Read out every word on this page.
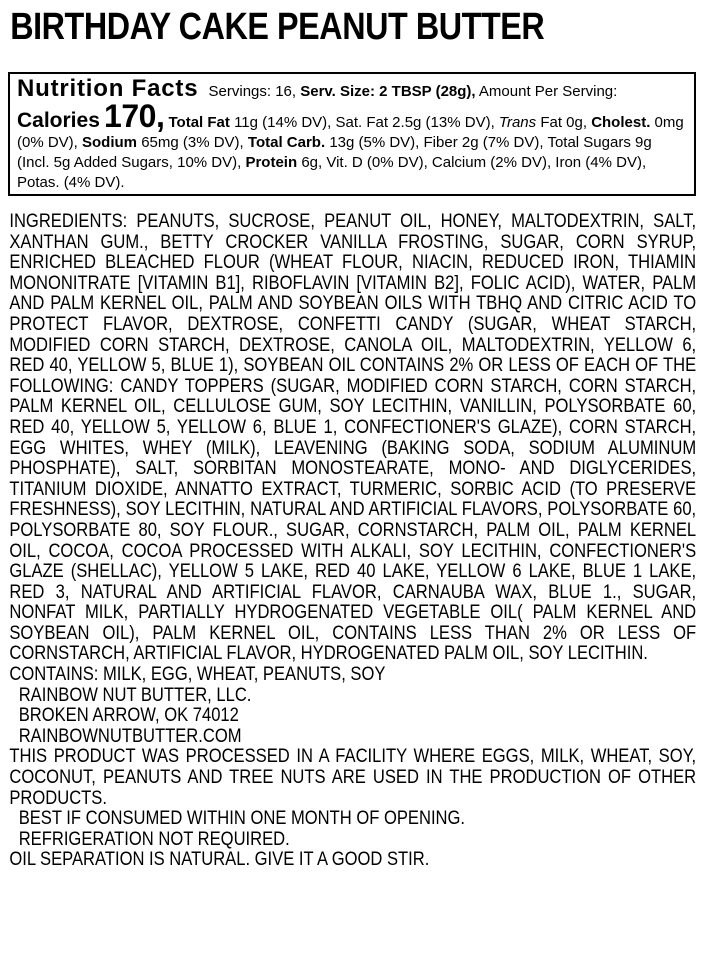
BIRTHDAY CAKE PEANUT BUTTER
Nutrition Facts Servings: 16, Serv. Size: 2 TBSP (28g), Amount Per Serving: Calories 170, Total Fat 11g (14% DV), Sat. Fat 2.5g (13% DV), Trans Fat 0g, Cholest. 0mg (0% DV), Sodium 65mg (3% DV), Total Carb. 13g (5% DV), Fiber 2g (7% DV), Total Sugars 9g (Incl. 5g Added Sugars, 10% DV), Protein 6g, Vit. D (0% DV), Calcium (2% DV), Iron (4% DV), Potas. (4% DV).

INGREDIENTS: PEANUTS, SUCROSE, PEANUT OIL, HONEY, MALTODEXTRIN, SALT, XANTHAN GUM., BETTY CROCKER VANILLA FROSTING, SUGAR, CORN SYRUP, ENRICHED BLEACHED FLOUR (WHEAT FLOUR, NIACIN, REDUCED IRON, THIAMIN MONONITRATE [VITAMIN B1], RIBOFLAVIN [VITAMIN B2], FOLIC ACID), WATER, PALM AND PALM KERNEL OIL, PALM AND SOYBEAN OILS WITH TBHQ AND CITRIC ACID TO PROTECT FLAVOR, DEXTROSE, CONFETTI CANDY (SUGAR, WHEAT STARCH, MODIFIED CORN STARCH, DEXTROSE, CANOLA OIL, MALTODEXTRIN, YELLOW 6, RED 40, YELLOW 5, BLUE 1), SOYBEAN OIL CONTAINS 2% OR LESS OF EACH OF THE FOLLOWING: CANDY TOPPERS (SUGAR, MODIFIED CORN STARCH, CORN STARCH, PALM KERNEL OIL, CELLULOSE GUM, SOY LECITHIN, VANILLIN, POLYSORBATE 60, RED 40, YELLOW 5, YELLOW 6, BLUE 1, CONFECTIONER'S GLAZE), CORN STARCH, EGG WHITES, WHEY (MILK), LEAVENING (BAKING SODA, SODIUM ALUMINUM PHOSPHATE), SALT, SORBITAN MONOSTEARATE, MONO- AND DIGLYCERIDES, TITANIUM DIOXIDE, ANNATTO EXTRACT, TURMERIC, SORBIC ACID (TO PRESERVE FRESHNESS), SOY LECITHIN, NATURAL AND ARTIFICIAL FLAVORS, POLYSORBATE 60, POLYSORBATE 80, SOY FLOUR., SUGAR, CORNSTARCH, PALM OIL, PALM KERNEL OIL, COCOA, COCOA PROCESSED WITH ALKALI, SOY LECITHIN, CONFECTIONER'S GLAZE (SHELLAC), YELLOW 5 LAKE, RED 40 LAKE, YELLOW 6 LAKE, BLUE 1 LAKE, RED 3, NATURAL AND ARTIFICIAL FLAVOR, CARNAUBA WAX, BLUE 1., SUGAR, NONFAT MILK, PARTIALLY HYDROGENATED VEGETABLE OIL( PALM KERNEL AND SOYBEAN OIL), PALM KERNEL OIL, CONTAINS LESS THAN 2% OR LESS OF CORNSTARCH, ARTIFICIAL FLAVOR, HYDROGENATED PALM OIL, SOY LECITHIN.

CONTAINS: MILK, EGG, WHEAT, PEANUTS, SOY
RAINBOW NUT BUTTER, LLC.
BROKEN ARROW, OK 74012
RAINBOWNUTBUTTER.COM

THIS PRODUCT WAS PROCESSED IN A FACILITY WHERE EGGS, MILK, WHEAT, SOY, COCONUT, PEANUTS AND TREE NUTS ARE USED IN THE PRODUCTION OF OTHER PRODUCTS.

BEST IF CONSUMED WITHIN ONE MONTH OF OPENING.
REFRIGERATION NOT REQUIRED.
OIL SEPARATION IS NATURAL. GIVE IT A GOOD STIR.
